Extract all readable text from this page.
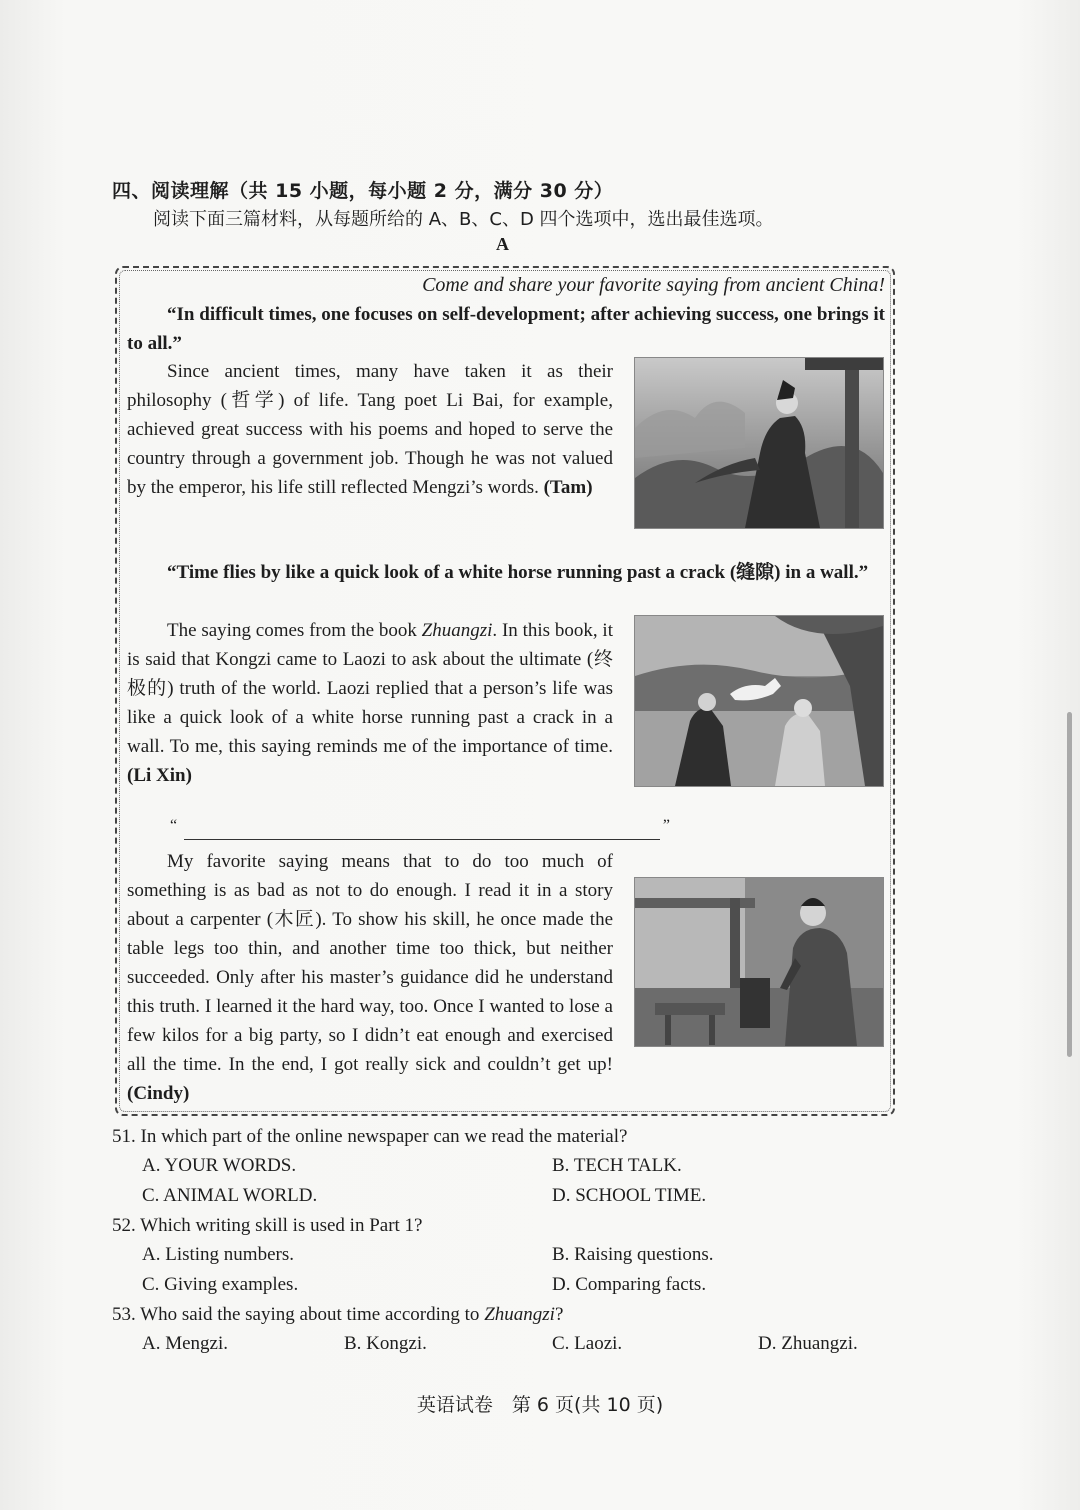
四、阅读理解（共 15 小题，每小题 2 分，满分 30 分）
阅读下面三篇材料，从每题所给的 A、B、C、D 四个选项中，选出最佳选项。
A
Come and share your favorite saying from ancient China!
“In difficult times, one focuses on self-development; after achieving success, one brings it to all.”
Since ancient times, many have taken it as their philosophy (哲学) of life. Tang poet Li Bai, for example, achieved great success with his poems and hoped to serve the country through a government job. Though he was not valued by the emperor, his life still reflected Mengzi’s words. (Tam)
“Time flies by like a quick look of a white horse running past a crack (缝隙) in a wall.”
The saying comes from the book Zhuangzi. In this book, it is said that Kongzi came to Laozi to ask about the ultimate (终极的) truth of the world. Laozi replied that a person’s life was like a quick look of a white horse running past a crack in a wall. To me, this saying reminds me of the importance of time. (Li Xin)
“	”
My favorite saying means that to do too much of something is as bad as not to do enough. I read it in a story about a carpenter (木匠). To show his skill, he once made the table legs too thin, and another time too thick, but neither succeeded. Only after his master’s guidance did he understand this truth. I learned it the hard way, too. Once I wanted to lose a few kilos for a big party, so I didn’t eat enough and exercised all the time. In the end, I got really sick and couldn’t get up! (Cindy)
51. In which part of the online newspaper can we read the material?
A. YOUR WORDS.	B. TECH TALK.
C. ANIMAL WORLD.	D. SCHOOL TIME.
52. Which writing skill is used in Part 1?
A. Listing numbers.	B. Raising questions.
C. Giving examples.	D. Comparing facts.
53. Who said the saying about time according to Zhuangzi?
A. Mengzi.	B. Kongzi.	C. Laozi.	D. Zhuangzi.
英语试卷　第 6 页(共 10 页)
